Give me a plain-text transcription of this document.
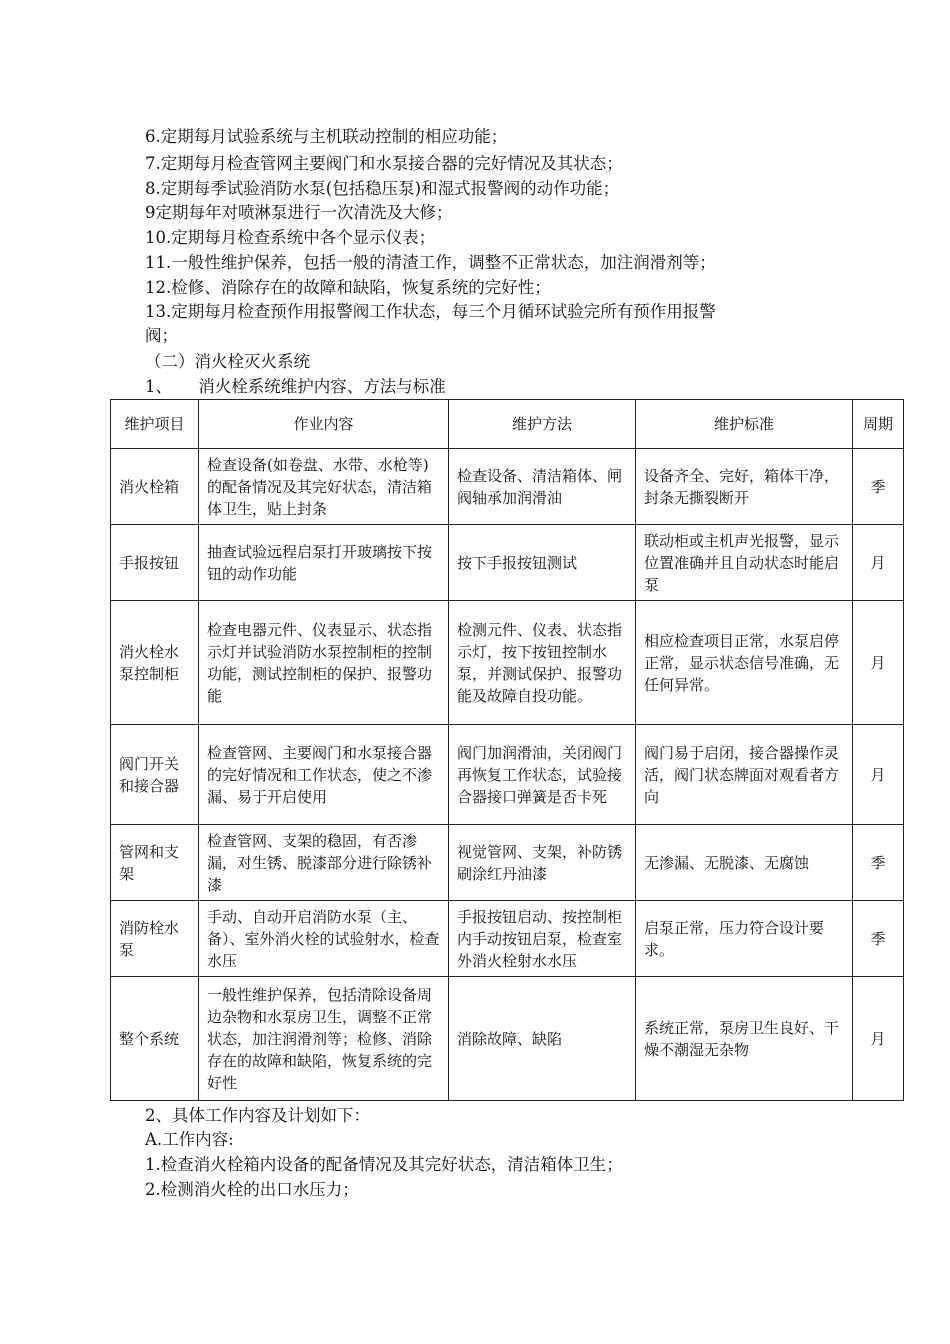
6.定期每月试验系统与主机联动控制的相应功能；
7.定期每月检查管网主要阀门和水泵接合器的完好情况及其状态；
8.定期每季试验消防水泵(包括稳压泵)和湿式报警阀的动作功能；
9定期每年对喷淋泵进行一次清洗及大修；
10.定期每月检查系统中各个显示仪表；
11.一般性维护保养，包括一般的清渣工作，调整不正常状态，加注润滑剂等；
12.检修、消除存在的故障和缺陷，恢复系统的完好性；
13.定期每月检查预作用报警阀工作状态，每三个月循环试验完所有预作用报警
阀；
（二）消火栓灭火系统
1、     消火栓系统维护内容、方法与标准
维护项目	作业内容	维护方法	维护标准	周期
消火栓箱	检查设备(如卷盘、水带、水枪等)的配备情况及其完好状态，清洁箱体卫生，贴上封条	检查设备、清洁箱体、闸阀轴承加润滑油	设备齐全、完好，箱体干净，封条无撕裂断开	季
手报按钮	抽查试验远程启泵打开玻璃按下按钮的动作功能	按下手报按钮测试	联动柜或主机声光报警，显示位置准确并且自动状态时能启泵	月
消火栓水泵控制柜	检查电器元件、仪表显示、状态指示灯并试验消防水泵控制柜的控制功能，测试控制柜的保护、报警功能	检测元件、仪表、状态指示灯，按下按钮控制水泵，并测试保护、报警功能及故障自投功能。	相应检查项目正常，水泵启停正常，显示状态信号准确，无任何异常。	月
阀门开关和接合器	检查管网、主要阀门和水泵接合器的完好情况和工作状态，使之不渗漏、易于开启使用	阀门加润滑油，关闭阀门再恢复工作状态，试验接合器接口弹簧是否卡死	阀门易于启闭，接合器操作灵活，阀门状态牌面对观看者方向	月
管网和支架	检查管网、支架的稳固，有否渗漏，对生锈、脱漆部分进行除锈补漆	视觉管网、支架，补防锈刷涂红丹油漆	无渗漏、无脱漆、无腐蚀	季
消防栓水泵	手动、自动开启消防水泵（主、备）、室外消火栓的试验射水，检查水压	手报按钮启动、按控制柜内手动按钮启泵，检查室外消火栓射水水压	启泵正常，压力符合设计要求。	季
整个系统	一般性维护保养，包括清除设备周边杂物和水泵房卫生，调整不正常状态，加注润滑剂等；检修、消除存在的故障和缺陷，恢复系统的完好性	消除故障、缺陷	系统正常，泵房卫生良好、干燥不潮湿无杂物	月
2、具体工作内容及计划如下：
A.工作内容:
1.检查消火栓箱内设备的配备情况及其完好状态，清洁箱体卫生；
2.检测消火栓的出口水压力；
